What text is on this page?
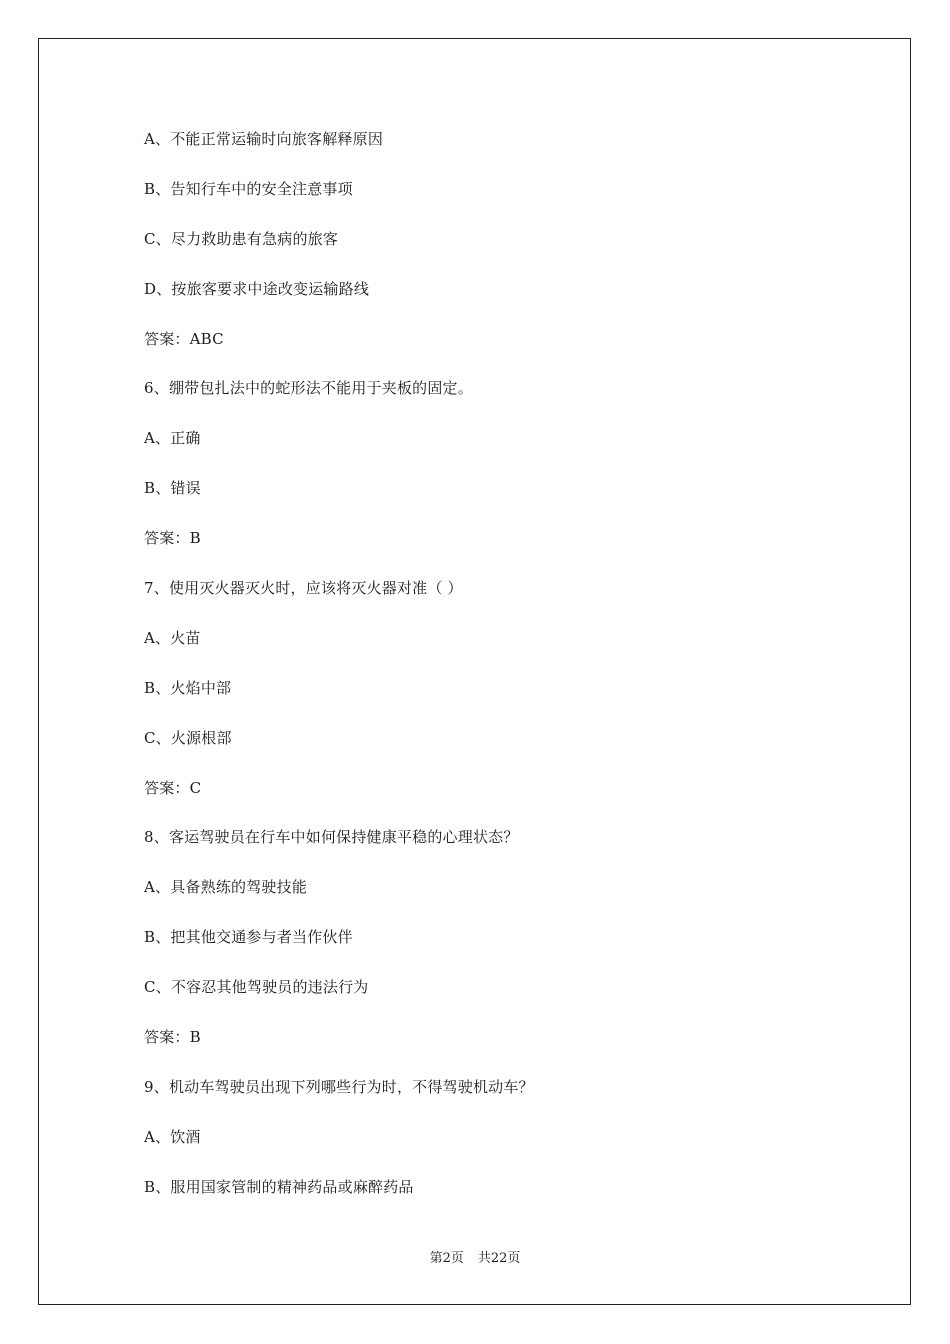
A、不能正常运输时向旅客解释原因
B、告知行车中的安全注意事项
C、尽力救助患有急病的旅客
D、按旅客要求中途改变运输路线
答案：ABC
6、绷带包扎法中的蛇形法不能用于夹板的固定。
A、正确
B、错误
答案：B
7、使用灭火器灭火时，应该将灭火器对准（ ）
A、火苗
B、火焰中部
C、火源根部
答案：C
8、客运驾驶员在行车中如何保持健康平稳的心理状态？
A、具备熟练的驾驶技能
B、把其他交通参与者当作伙伴
C、不容忍其他驾驶员的违法行为
答案：B
9、机动车驾驶员出现下列哪些行为时，不得驾驶机动车？
A、饮酒
B、服用国家管制的精神药品或麻醉药品
第2页 共22页
